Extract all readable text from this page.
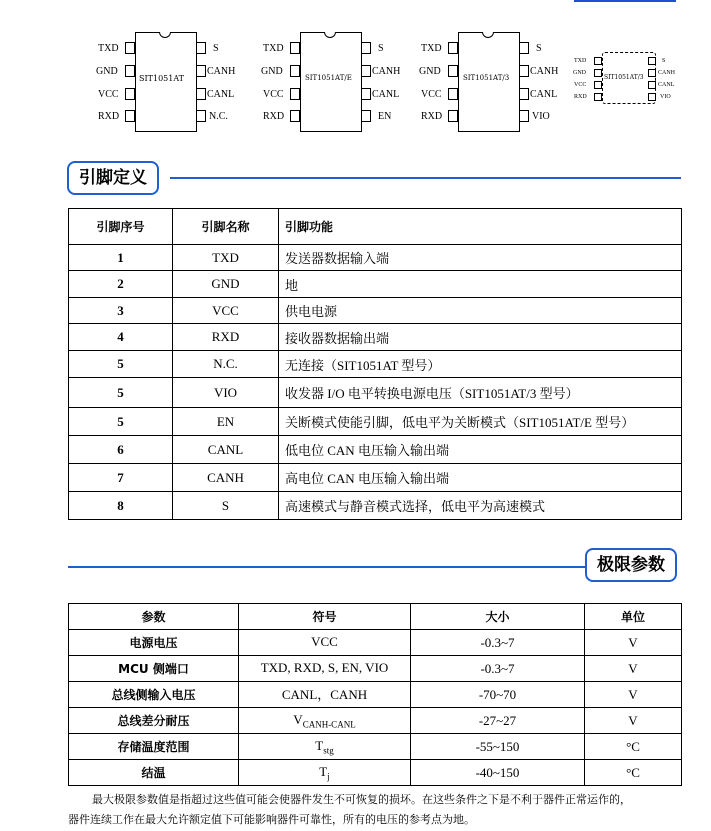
SIT1051AT
TXD
GND
VCC
RXD
S
CANH
CANL
N.C.
SIT1051AT/E
TXD
GND
VCC
RXD
S
CANH
CANL
EN
SIT1051AT/3
TXD
GND
VCC
RXD
S
CANH
CANL
VIO
SIT1051AT/3
TXD
GND
VCC
RXD
S
CANH
CANL
VIO
引脚定义
引脚序号	引脚名称	引脚功能
1	TXD	发送器数据输入端
2	GND	地
3	VCC	供电电源
4	RXD	接收器数据输出端
5	N.C.	无连接（SIT1051AT 型号）
5	VIO	收发器 I/O 电平转换电源电压（SIT1051AT/3 型号）
5	EN	关断模式使能引脚，低电平为关断模式（SIT1051AT/E 型号）
6	CANL	低电位 CAN 电压输入输出端
7	CANH	高电位 CAN 电压输入输出端
8	S	高速模式与静音模式选择，低电平为高速模式
极限参数
参数	符号	大小	单位
电源电压	VCC	-0.3~7	V
MCU 侧端口	TXD, RXD, S, EN, VIO	-0.3~7	V
总线侧输入电压	CANL，CANH	-70~70	V
总线差分耐压	$V_{CANH-CANL}$	-27~27	V
存储温度范围	$T_{stg}$	-55~150	°C
结温	$T_j$	-40~150	°C
最大极限参数值是指超过这些值可能会使器件发生不可恢复的损坏。在这些条件之下是不利于器件正常运作的，
器件连续工作在最大允许额定值下可能影响器件可靠性，所有的电压的参考点为地。
